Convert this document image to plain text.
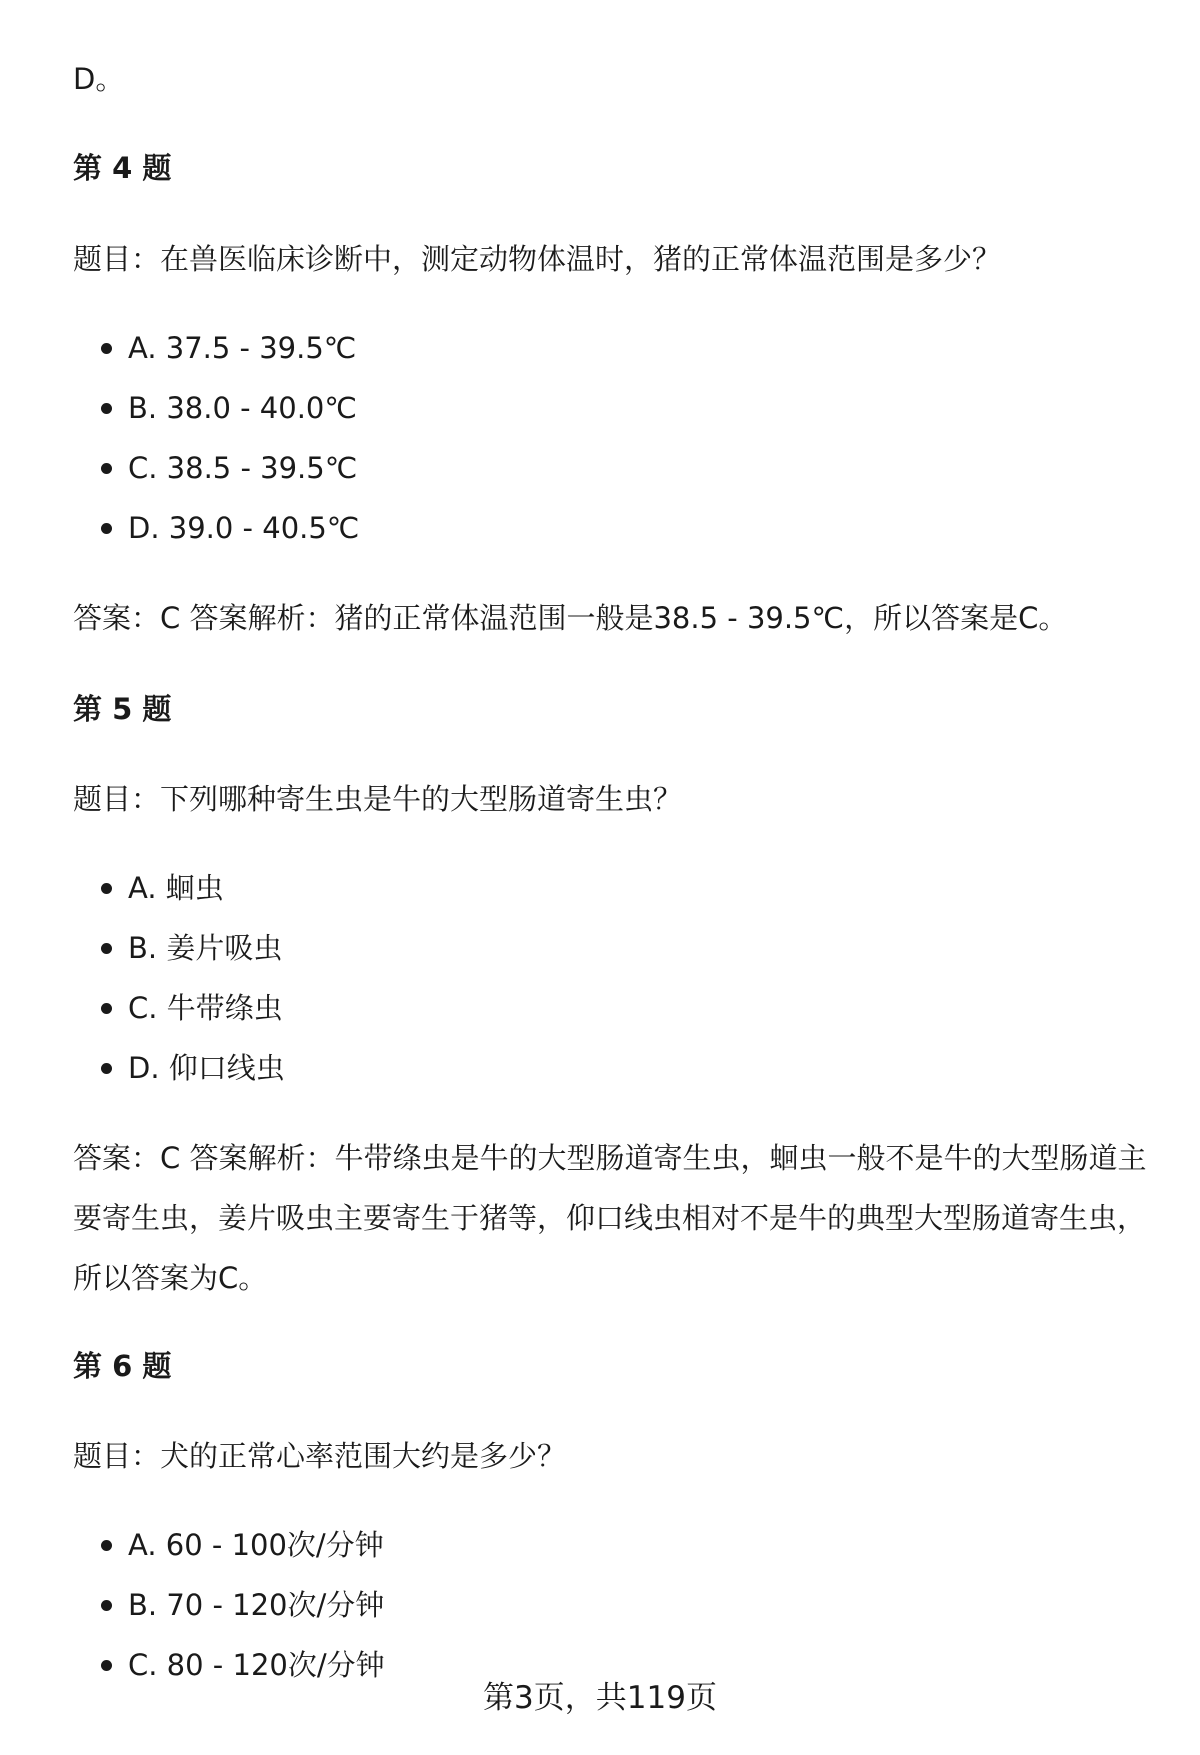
D。
第 4 题
题目：在兽医临床诊断中，测定动物体温时，猪的正常体温范围是多少？
A. 37.5 - 39.5℃
B. 38.0 - 40.0℃
C. 38.5 - 39.5℃
D. 39.0 - 40.5℃
答案：C 答案解析：猪的正常体温范围一般是38.5 - 39.5℃，所以答案是C。
第 5 题
题目：下列哪种寄生虫是牛的大型肠道寄生虫？
A. 蛔虫
B. 姜片吸虫
C. 牛带绦虫
D. 仰口线虫
答案：C 答案解析：牛带绦虫是牛的大型肠道寄生虫，蛔虫一般不是牛的大型肠道主要寄生虫，姜片吸虫主要寄生于猪等，仰口线虫相对不是牛的典型大型肠道寄生虫，所以答案为C。
第 6 题
题目：犬的正常心率范围大约是多少？
A. 60 - 100次/分钟
B. 70 - 120次/分钟
C. 80 - 120次/分钟
第3页，共119页
